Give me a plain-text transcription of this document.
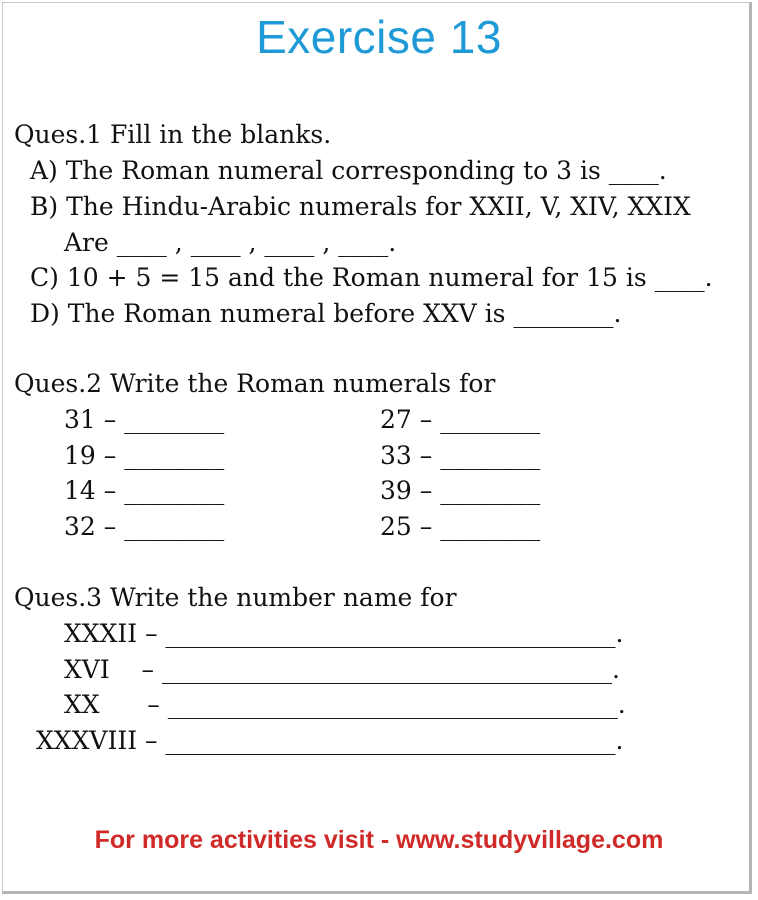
Exercise 13
Ques.1 Fill in the blanks.
A) The Roman numeral corresponding to 3 is ____.
B) The Hindu-Arabic numerals for XXII, V, XIV, XXIX
Are ____ , ____ , ____ , ____.
C) 10 + 5 = 15 and the Roman numeral for 15 is ____.
D) The Roman numeral before XXV is ________.
Ques.2 Write the Roman numerals for
31 – ________
19 – ________
14 – ________
32 – ________
27 – ________
33 – ________
39 – ________
25 – ________
Ques.3 Write the number name for
XXXII – ____________________________________.
XVI    – ____________________________________.
XX      – ____________________________________.
XXXVIII – ____________________________________.
For more activities visit - www.studyvillage.com
